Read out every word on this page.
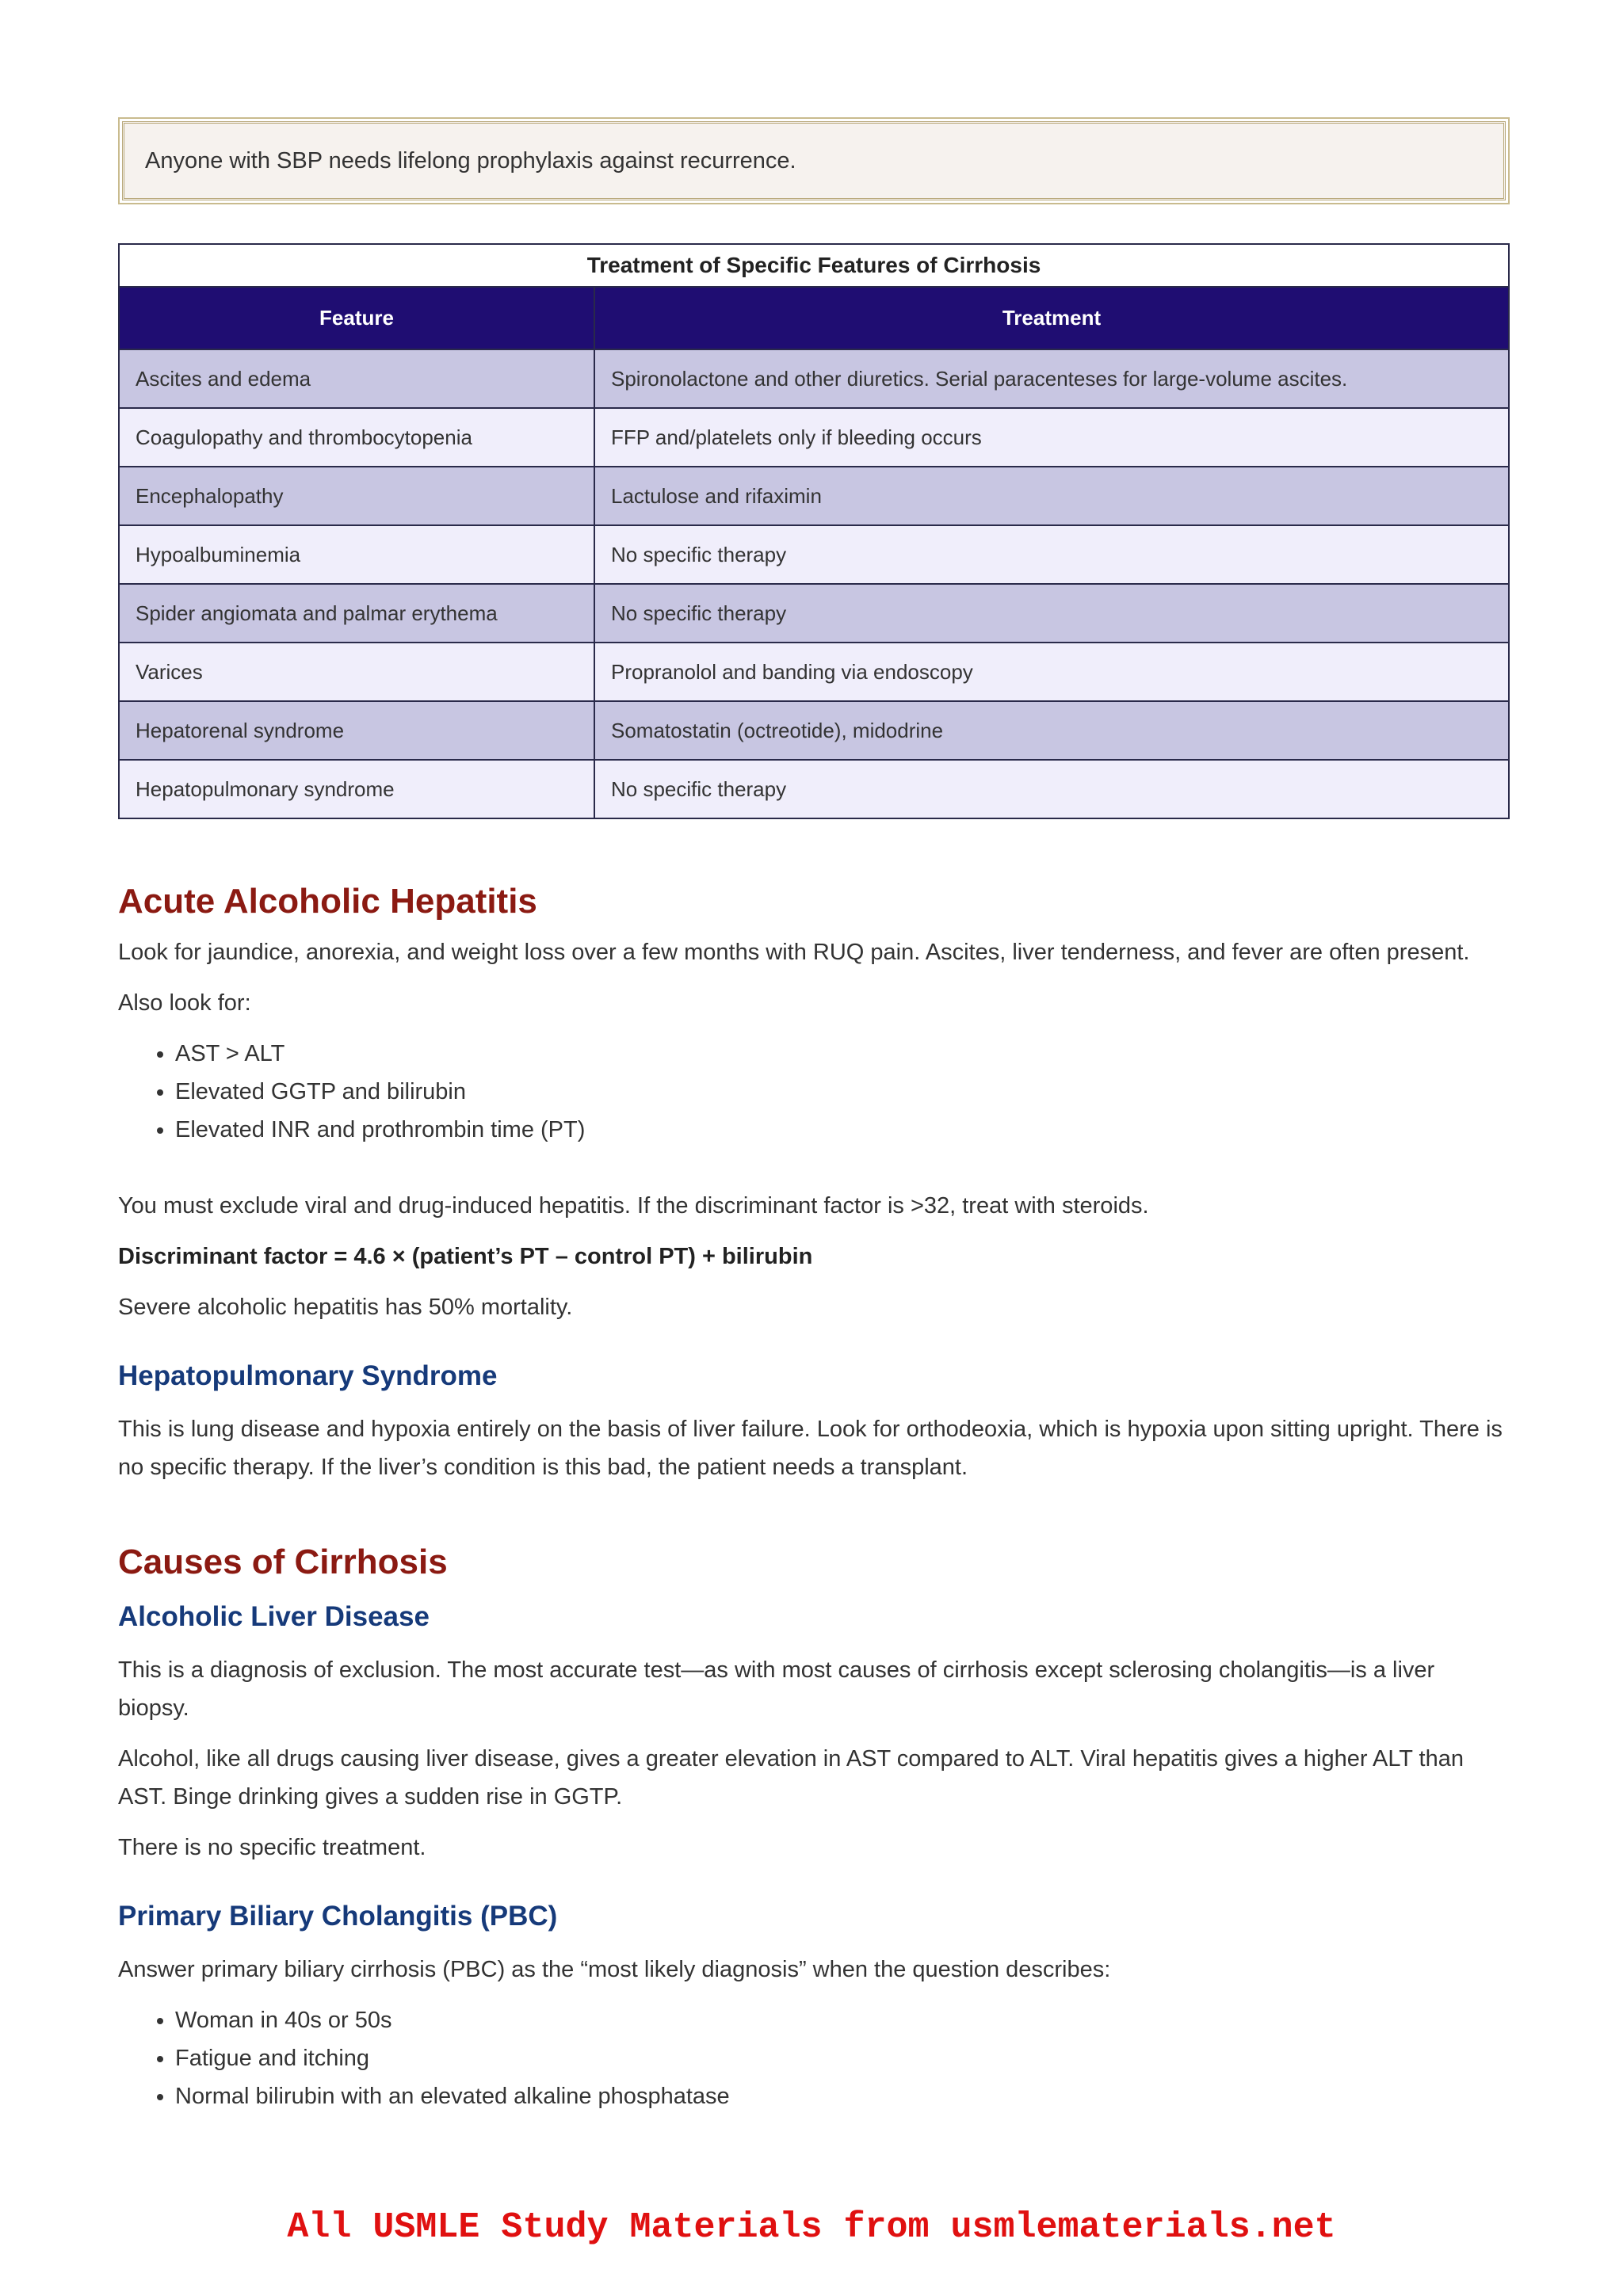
Anyone with SBP needs lifelong prophylaxis against recurrence.
Treatment of Specific Features of Cirrhosis
Feature	Treatment
Ascites and edema	Spironolactone and other diuretics. Serial paracenteses for large-volume ascites.
Coagulopathy and thrombocytopenia	FFP and/platelets only if bleeding occurs
Encephalopathy	Lactulose and rifaximin
Hypoalbuminemia	No specific therapy
Spider angiomata and palmar erythema	No specific therapy
Varices	Propranolol and banding via endoscopy
Hepatorenal syndrome	Somatostatin (octreotide), midodrine
Hepatopulmonary syndrome	No specific therapy
Acute Alcoholic Hepatitis

Look for jaundice, anorexia, and weight loss over a few months with RUQ pain. Ascites, liver tenderness, and fever are often present.

Also look for:

• AST > ALT
• Elevated GGTP and bilirubin
• Elevated INR and prothrombin time (PT)

You must exclude viral and drug-induced hepatitis. If the discriminant factor is >32, treat with steroids.

Discriminant factor = 4.6 × (patient’s PT – control PT) + bilirubin

Severe alcoholic hepatitis has 50% mortality.

Hepatopulmonary Syndrome

This is lung disease and hypoxia entirely on the basis of liver failure. Look for orthodeoxia, which is hypoxia upon sitting upright. There is no specific therapy. If the liver’s condition is this bad, the patient needs a transplant.

Causes of Cirrhosis
Alcoholic Liver Disease

This is a diagnosis of exclusion. The most accurate test—as with most causes of cirrhosis except sclerosing cholangitis—is a liver biopsy.

Alcohol, like all drugs causing liver disease, gives a greater elevation in AST compared to ALT. Viral hepatitis gives a higher ALT than AST. Binge drinking gives a sudden rise in GGTP.

There is no specific treatment.

Primary Biliary Cholangitis (PBC)

Answer primary biliary cirrhosis (PBC) as the “most likely diagnosis” when the question describes:

• Woman in 40s or 50s
• Fatigue and itching
• Normal bilirubin with an elevated alkaline phosphatase
All USMLE Study Materials from usmlematerials.net
